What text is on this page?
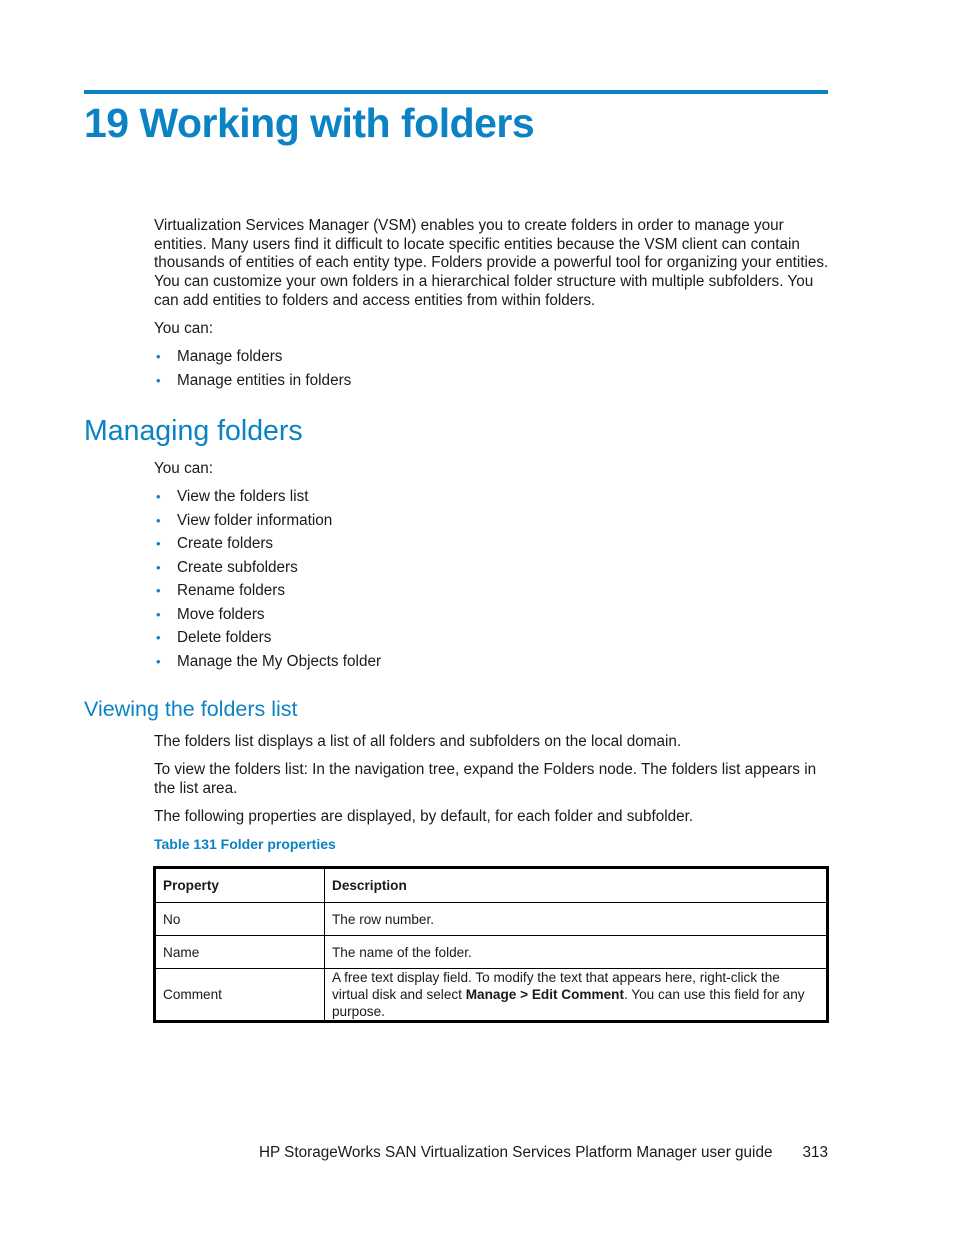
19 Working with folders

Virtualization Services Manager (VSM) enables you to create folders in order to manage your entities. Many users find it difficult to locate specific entities because the VSM client can contain thousands of entities of each entity type. Folders provide a powerful tool for organizing your entities. You can customize your own folders in a hierarchical folder structure with multiple subfolders. You can add entities to folders and access entities from within folders.

You can:

• Manage folders
• Manage entities in folders
Managing folders

You can:

• View the folders list
• View folder information
• Create folders
• Create subfolders
• Rename folders
• Move folders
• Delete folders
• Manage the My Objects folder
Viewing the folders list

The folders list displays a list of all folders and subfolders on the local domain.

To view the folders list: In the navigation tree, expand the Folders node. The folders list appears in the list area.

The following properties are displayed, by default, for each folder and subfolder.

Table 131 Folder properties
Property	Description
No	The row number.
Name	The name of the folder.
Comment	A free text display field. To modify the text that appears here, right-click the virtual disk and select Manage > Edit Comment. You can use this field for any purpose.
HP StorageWorks SAN Virtualization Services Platform Manager user guide 313
